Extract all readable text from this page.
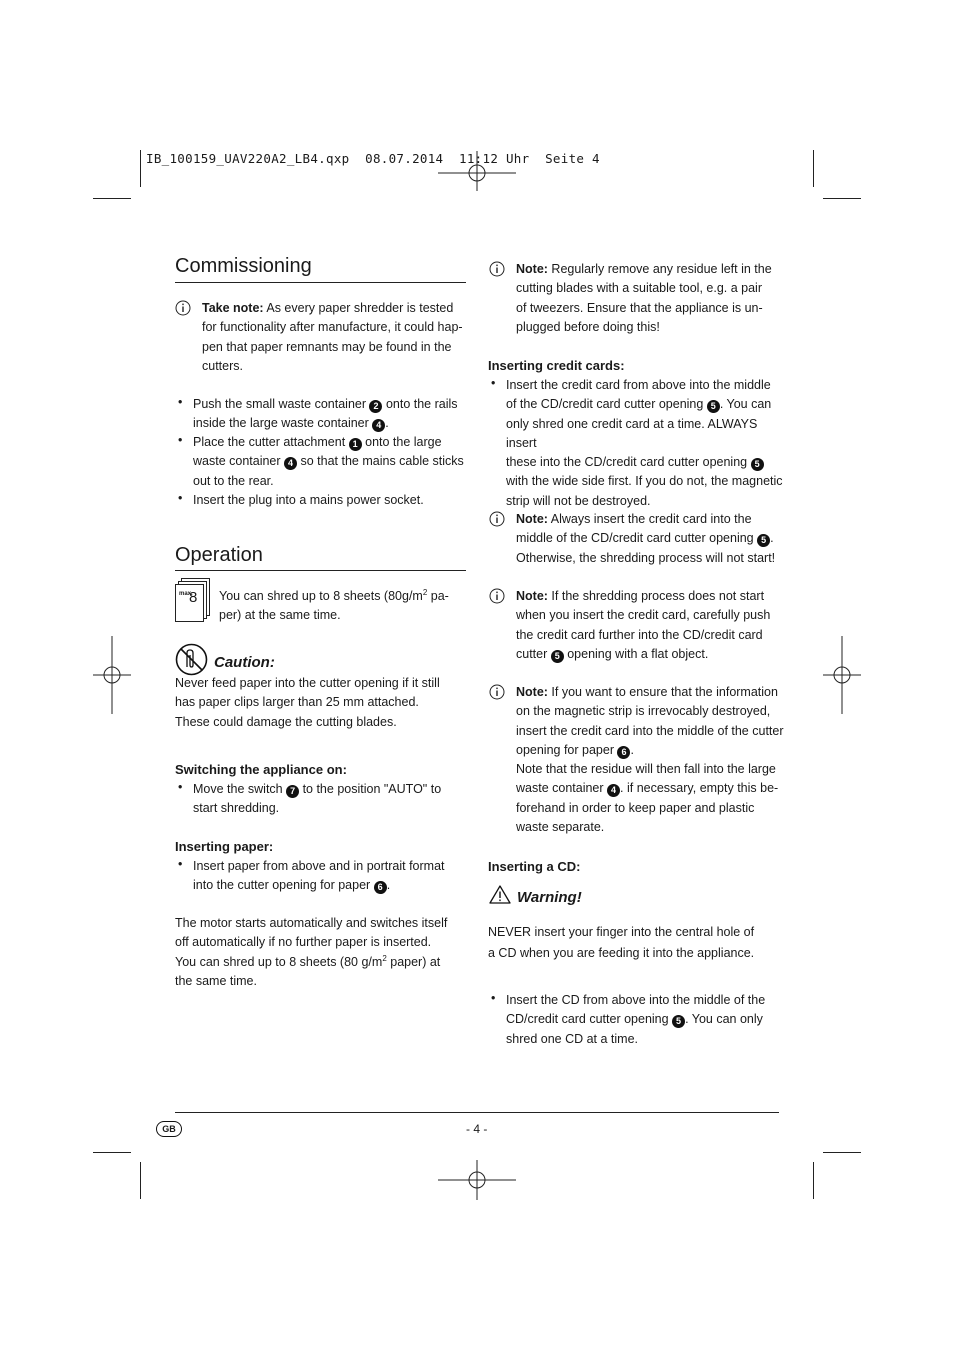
IB_100159_UAV220A2_LB4.qxp  08.07.2014  11:12 Uhr  Seite 4
Commissioning
Take note: As every paper shredder is tested
for functionality after manufacture, it could hap-
pen that paper remnants may be found in the
cutters.
• Push the small waste container 2 onto the rails
inside the large waste container 4 .
• Place the cutter attachment 1 onto the large
waste container 4 so that the mains cable sticks
out to the rear.
• Insert the plug into a mains power socket.
Operation
max.
8 You can shred up to 8 sheets ($80g/m^2$ pa-
per) at the same time.
Caution:
Never feed paper into the cutter opening if it still
has paper clips larger than 25 mm attached.
These could damage the cutting blades.
Switching the appliance on:
• Move the switch 7 to the position "AUTO" to
start shredding.
Inserting paper:
• Insert paper from above and in portrait format
into the cutter opening for paper 6 .
The motor starts automatically and switches itself
off automatically if no further paper is inserted.
You can shred up to 8 sheets (80 $g/m^2$ paper) at
the same time.
Note: Regularly remove any residue left in the
cutting blades with a suitable tool, e.g. a pair
of tweezers. Ensure that the appliance is un-
plugged before doing this!
Inserting credit cards:
• Insert the credit card from above into the middle
of the CD/credit card cutter opening 5 . You can
only shred one credit card at a time. ALWAYS insert
these into the CD/credit card cutter opening 5
with the wide side first. If you do not, the magnetic
strip will not be destroyed.
Note: Always insert the credit card into the
middle of the CD/credit card cutter opening 5 .
Otherwise, the shredding process will not start!
Note: If the shredding process does not start
when you insert the credit card, carefully push
the credit card further into the CD/credit card
cutter 5 opening with a flat object.
Note: If you want to ensure that the information
on the magnetic strip is irrevocably destroyed,
insert the credit card into the middle of the cutter
opening for paper 6 .
Note that the residue will then fall into the large
waste container 4 . if necessary, empty this be-
forehand in order to keep paper and plastic
waste separate.
Inserting a CD:
Warning!
NEVER insert your finger into the central hole of
a CD when you are feeding it into the appliance.
• Insert the CD from above into the middle of the
CD/credit card cutter opening 5 . You can only
shred one CD at a time.
GB	- 4 -
